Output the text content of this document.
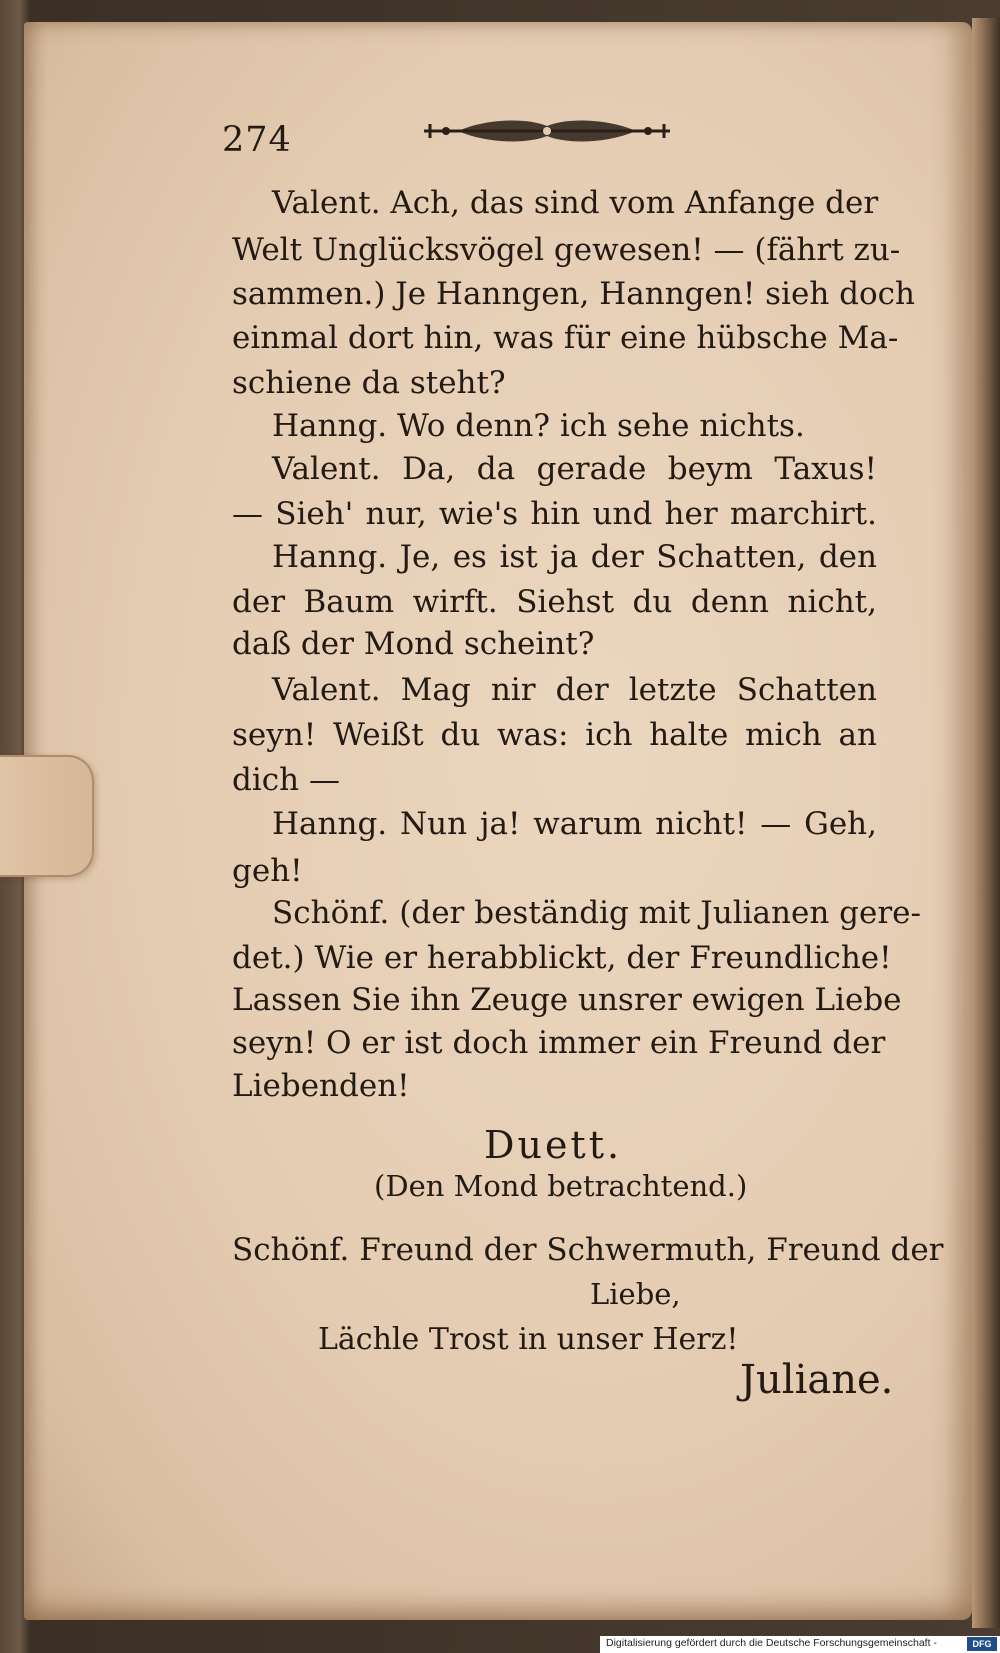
274
Valent. Ach, das sind vom Anfange der
Welt Unglücksvögel gewesen! — (fährt zu-
sammen.) Je Hanngen, Hanngen! sieh doch
einmal dort hin, was für eine hübsche Ma-
schiene da steht?
Hanng. Wo denn? ich sehe nichts.
Valent. Da, da gerade beym Taxus!
— Sieh' nur, wie's hin und her marchirt.
Hanng. Je, es ist ja der Schatten, den
der Baum wirft. Siehst du denn nicht,
daß der Mond scheint?
Valent. Mag nir der letzte Schatten
seyn! Weißt du was: ich halte mich an
dich —
Hanng. Nun ja! warum nicht! — Geh,
geh!
Schönf. (der beständig mit Julianen gere-
det.) Wie er herabblickt, der Freundliche!
Lassen Sie ihn Zeuge unsrer ewigen Liebe
seyn! O er ist doch immer ein Freund der
Liebenden!
Duett.
(Den Mond betrachtend.)
Schönf. Freund der Schwermuth, Freund der
Liebe,
Lächle Trost in unser Herz!
Juliane.
Digitalisierung gefördert durch die Deutsche Forschungsgemeinschaft -	DFG
